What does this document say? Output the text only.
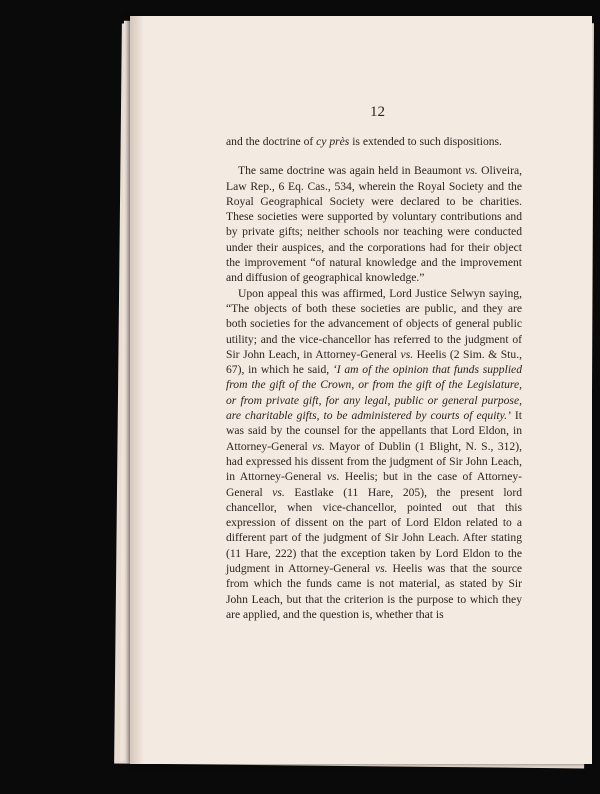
12

and the doctrine of cy près is extended to such dispositions.

The same doctrine was again held in Beaumont vs. Oliveira, Law Rep., 6 Eq. Cas., 534, wherein the Royal Society and the Royal Geographical Society were declared to be charities. These societies were supported by voluntary contributions and by private gifts; neither schools nor teaching were conducted under their auspices, and the corporations had for their object the improvement “of natural knowledge and the improvement and diffusion of geographical knowledge.”

Upon appeal this was affirmed, Lord Justice Selwyn saying, “The objects of both these societies are public, and they are both societies for the advancement of objects of general public utility; and the vice-chancellor has referred to the judgment of Sir John Leach, in Attorney-General vs. Heelis (2 Sim. & Stu., 67), in which he said, ‘I am of the opinion that funds supplied from the gift of the Crown, or from the gift of the Legislature, or from private gift, for any legal, public or general purpose, are charitable gifts, to be administered by courts of equity.’ It was said by the counsel for the appellants that Lord Eldon, in Attorney-General vs. Mayor of Dublin (1 Blight, N. S., 312), had expressed his dissent from the judgment of Sir John Leach, in Attorney-General vs. Heelis; but in the case of Attorney-General vs. Eastlake (11 Hare, 205), the present lord chancellor, when vice-chancellor, pointed out that this expression of dissent on the part of Lord Eldon related to a different part of the judgment of Sir John Leach. After stating (11 Hare, 222) that the exception taken by Lord Eldon to the judgment in Attorney-General vs. Heelis was that the source from which the funds came is not material, as stated by Sir John Leach, but that the criterion is the purpose to which they are applied, and the question is, whether that is
